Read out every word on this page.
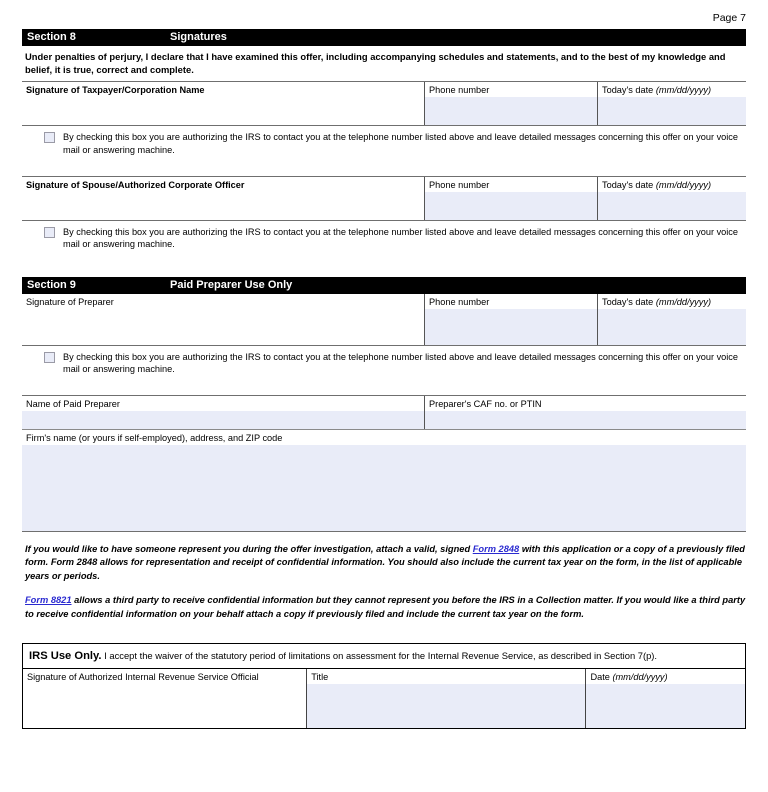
Page 7
Section 8	Signatures
Under penalties of perjury, I declare that I have examined this offer, including accompanying schedules and statements, and to the best of my knowledge and belief, it is true, correct and complete.
Signature of Taxpayer/Corporation Name	Phone number	Today's date (mm/dd/yyyy)
By checking this box you are authorizing the IRS to contact you at the telephone number listed above and leave detailed messages concerning this offer on your voice mail or answering machine.
Signature of Spouse/Authorized Corporate Officer	Phone number	Today's date (mm/dd/yyyy)
By checking this box you are authorizing the IRS to contact you at the telephone number listed above and leave detailed messages concerning this offer on your voice mail or answering machine.
Section 9	Paid Preparer Use Only
Signature of Preparer	Phone number	Today's date (mm/dd/yyyy)
By checking this box you are authorizing the IRS to contact you at the telephone number listed above and leave detailed messages concerning this offer on your voice mail or answering machine.
Name of Paid Preparer	Preparer's CAF no. or PTIN
Firm's name (or yours if self-employed), address, and ZIP code
If you would like to have someone represent you during the offer investigation, attach a valid, signed Form 2848 with this application or a copy of a previously filed form. Form 2848 allows for representation and receipt of confidential information. You should also include the current tax year on the form, in the list of applicable years or periods.
Form 8821 allows a third party to receive confidential information but they cannot represent you before the IRS in a Collection matter. If you would like a third party to receive confidential information on your behalf attach a copy if previously filed and include the current tax year on the form.
IRS Use Only. I accept the waiver of the statutory period of limitations on assessment for the Internal Revenue Service, as described in Section 7(p).
Signature of Authorized Internal Revenue Service Official	Title	Date (mm/dd/yyyy)
